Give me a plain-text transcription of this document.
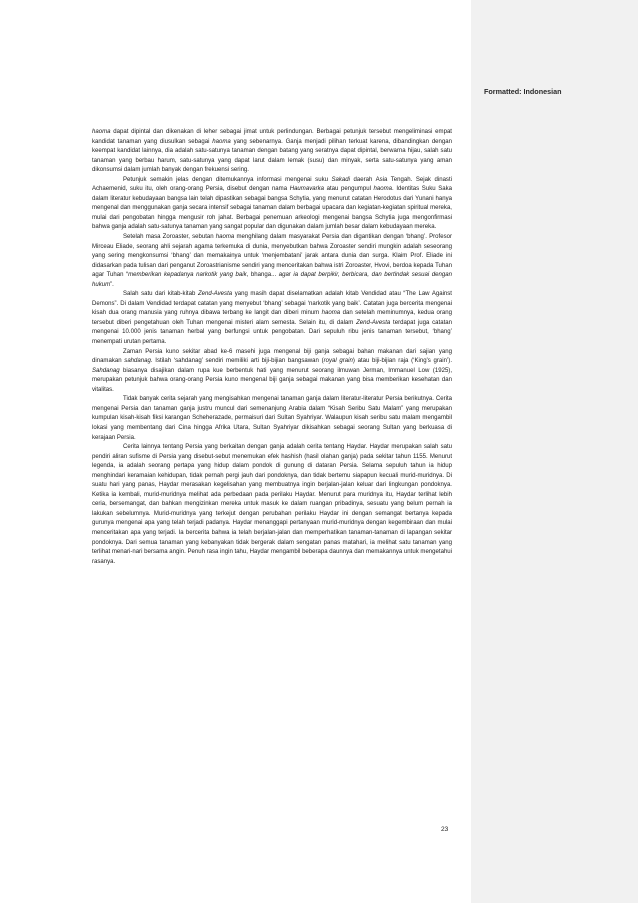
Formatted: Indonesian

haoma dapat dipintal dan dikenakan di leher sebagai jimat untuk perlindungan. Berbagai petunjuk tersebut mengeliminasi empat kandidat tanaman yang diusulkan sebagai haoma yang sebenarnya. Ganja menjadi pilihan terkuat karena, dibandingkan dengan keempat kandidat lainnya, dia adalah satu-satunya tanaman dengan batang yang seratnya dapat dipintal, berwarna hijau, salah satu tanaman yang berbau harum, satu-satunya yang dapat larut dalam lemak (susu) dan minyak, serta satu-satunya yang aman dikonsumsi dalam jumlah banyak dengan frekuensi sering.

Petunjuk semakin jelas dengan ditemukannya informasi mengenai suku Sakadi daerah Asia Tengah. Sejak dinasti Achaemenid, suku itu, oleh orang-orang Persia, disebut dengan nama Haumavarka atau pengumpul haoma. Identitas Suku Saka dalam literatur kebudayaan bangsa lain telah dipastikan sebagai bangsa Schytia, yang menurut catatan Herodotus dari Yunani hanya mengenal dan menggunakan ganja secara intensif sebagai tanaman dalam berbagai upacara dan kegiatan-kegiatan spiritual mereka, mulai dari pengobatan hingga mengusir roh jahat. Berbagai penemuan arkeologi mengenai bangsa Schytia juga mengonfirmasi bahwa ganja adalah satu-satunya tanaman yang sangat popular dan digunakan dalam jumlah besar dalam kebudayaan mereka.

Setelah masa Zoroaster, sebutan haoma menghilang dalam masyarakat Persia dan digantikan dengan ‘bhang’. Profesor Mirceau Eliade, seorang ahli sejarah agama terkemuka di dunia, menyebutkan bahwa Zoroaster sendiri mungkin adalah seseorang yang sering mengkonsumsi ‘bhang’ dan memakainya untuk ‘menjembatani’ jarak antara dunia dan surga. Klaim Prof. Eliade ini didasarkan pada tulisan dari penganut Zoroastrianisme sendiri yang menceritakan bahwa istri Zoroaster, Hvovi, berdoa kepada Tuhan agar Tuhan “memberikan kepadanya narkotik yang baik, bhanga... agar ia dapat berpikir, berbicara, dan bertindak sesuai dengan hukum”.

Salah satu dari kitab-kitab Zend-Avesta yang masih dapat diselamatkan adalah kitab Vendidad atau “The Law Against Demons”. Di dalam Vendidad terdapat catatan yang menyebut ‘bhang’ sebagai ‘narkotik yang baik’. Catatan juga bercerita mengenai kisah dua orang manusia yang ruhnya dibawa terbang ke langit dan diberi minum haoma dan setelah meminumnya, kedua orang tersebut diberi pengetahuan oleh Tuhan mengenai misteri alam semesta. Selain itu, di dalam Zend-Avesta terdapat juga catatan mengenai 10.000 jenis tanaman herbal yang berfungsi untuk pengobatan. Dari sepuluh ribu jenis tanaman tersebut, ‘bhang’ menempati urutan pertama.

Zaman Persia kuno sekitar abad ke-6 masehi juga mengenal biji ganja sebagai bahan makanan dari sajian yang dinamakan sahdanag. Istilah ‘sahdanag’ sendiri memiliki arti biji-bijian bangsawan (royal grain) atau biji-bijian raja (‘King’s grain’). Sahdanag biasanya disajikan dalam rupa kue berbentuk hati yang menurut seorang ilmuwan Jerman, Immanuel Low (1925), merupakan petunjuk bahwa orang-orang Persia kuno mengenal biji ganja sebagai makanan yang bisa memberikan kesehatan dan vitalitas.

Tidak banyak cerita sejarah yang mengisahkan mengenai tanaman ganja dalam literatur-literatur Persia berikutnya. Cerita mengenai Persia dan tanaman ganja justru muncul dari semenanjung Arabia dalam “Kisah Seribu Satu Malam” yang merupakan kumpulan kisah-kisah fiksi karangan Scheherazade, permaisuri dari Sultan Syahriyar. Walaupun kisah seribu satu malam mengambil lokasi yang membentang dari Cina hingga Afrika Utara, Sultan Syahriyar dikisahkan sebagai seorang Sultan yang berkuasa di kerajaan Persia.

Cerita lainnya tentang Persia yang berkaitan dengan ganja adalah cerita tentang Haydar. Haydar merupakan salah satu pendiri aliran sufisme di Persia yang disebut-sebut menemukan efek hashish (hasil olahan ganja) pada sekitar tahun 1155. Menurut legenda, ia adalah seorang pertapa yang hidup dalam pondok di gunung di dataran Persia. Selama sepuluh tahun ia hidup menghindari keramaian kehidupan, tidak pernah pergi jauh dari pondoknya, dan tidak bertemu siapapun kecuali murid-muridnya. Di suatu hari yang panas, Haydar merasakan kegelisahan yang membuatnya ingin berjalan-jalan keluar dari lingkungan pondoknya. Ketika ia kembali, murid-muridnya melihat ada perbedaan pada perilaku Haydar. Menurut para muridnya itu, Haydar terlihat lebih ceria, bersemangat, dan bahkan mengizinkan mereka untuk masuk ke dalam ruangan pribadinya, sesuatu yang belum pernah ia lakukan sebelumnya. Murid-muridnya yang terkejut dengan perubahan perilaku Haydar ini dengan semangat bertanya kepada gurunya mengenai apa yang telah terjadi padanya. Haydar menanggapi pertanyaan murid-muridnya dengan kegembiraan dan mulai menceritakan apa yang terjadi. Ia bercerita bahwa ia telah berjalan-jalan dan memperhatikan tanaman-tanaman di lapangan sekitar pondoknya. Dari semua tanaman yang kebanyakan tidak bergerak dalam sengatan panas matahari, ia melihat satu tanaman yang terlihat menari-nari bersama angin. Penuh rasa ingin tahu, Haydar mengambil beberapa daunnya dan memakannya untuk mengetahui rasanya.

23
